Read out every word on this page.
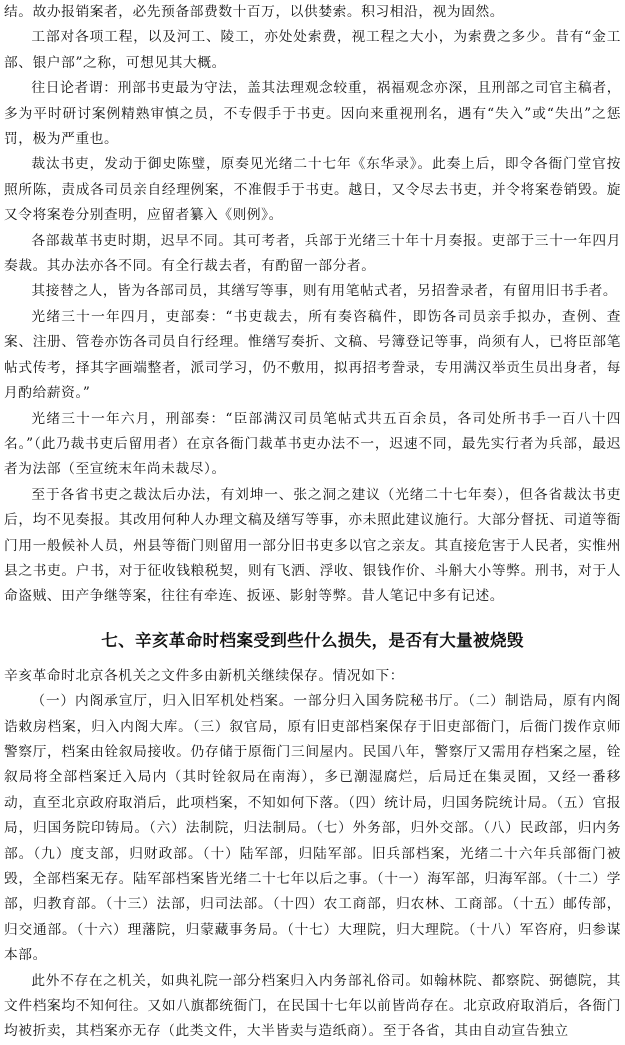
结。故办报销案者，必先预备部费数十百万，以供婪索。积习相沿，视为固然。

工部对各项工程，以及河工、陵工，亦处处索费，视工程之大小，为索费之多少。昔有“金工部、银户部”之称，可想见其大概。

往日论者谓：刑部书吏最为守法，盖其法理观念较重，祸福观念亦深，且刑部之司官主稿者，多为平时研讨案例精熟审慎之员，不专假手于书吏。因向来重视刑名，遇有“失入”或“失出”之惩罚，极为严重也。

裁汰书吏，发动于御史陈璧，原奏见光绪二十七年《东华录》。此奏上后，即令各衙门堂官按照所陈，责成各司员亲自经理例案，不准假手于书吏。越日，又令尽去书吏，并令将案卷销毁。旋又令将案卷分别查明，应留者纂入《则例》。

各部裁革书吏时期，迟早不同。其可考者，兵部于光绪三十年十月奏报。吏部于三十一年四月奏裁。其办法亦各不同。有全行裁去者，有酌留一部分者。

其接替之人，皆为各部司员，其缮写等事，则有用笔帖式者，另招誊录者，有留用旧书手者。

光绪三十一年四月，吏部奏：“书吏裁去，所有奏咨稿件，即饬各司员亲手拟办，查例、查案、注册、管卷亦饬各司员自行经理。惟缮写奏折、文稿、号簿登记等事，尚须有人，已将臣部笔帖式传考，择其字画端整者，派司学习，仍不敷用，拟再招考誊录，专用满汉举贡生员出身者，每月酌给薪资。”

光绪三十一年六月，刑部奏：“臣部满汉司员笔帖式共五百余员，各司处所书手一百八十四名。”（此乃裁书吏后留用者）在京各衙门裁革书吏办法不一，迟速不同，最先实行者为兵部，最迟者为法部（至宣统末年尚未裁尽）。

至于各省书吏之裁汰后办法，有刘坤一、张之洞之建议（光绪二十七年奏），但各省裁汰书吏后，均不见奏报。其改用何种人办理文稿及缮写等事，亦未照此建议施行。大部分督抚、司道等衙门用一般候补人员，州县等衙门则留用一部分旧书吏多以官之亲友。其直接危害于人民者，实惟州县之书吏。户书，对于征收钱粮税契，则有飞洒、浮收、银钱作价、斗斛大小等弊。刑书，对于人命盗贼、田产争继等案，往往有牵连、扳诬、影射等弊。昔人笔记中多有记述。

七、辛亥革命时档案受到些什么损失，是否有大量被烧毁

辛亥革命时北京各机关之文件多由新机关继续保存。情况如下：

（一）内阁承宣厅，归入旧军机处档案。一部分归入国务院秘书厅。（二）制诰局，原有内阁诰敕房档案，归入内阁大库。（三）叙官局，原有旧吏部档案保存于旧吏部衙门，后衙门拨作京师警察厅，档案由铨叙局接收。仍存储于原衙门三间屋内。民国八年，警察厅又需用存档案之屋，铨叙局将全部档案迁入局内（其时铨叙局在南海），多已潮湿腐烂，后局迁在集灵囿，又经一番移动，直至北京政府取消后，此项档案，不知如何下落。（四）统计局，归国务院统计局。（五）官报局，归国务院印铸局。（六）法制院，归法制局。（七）外务部，归外交部。（八）民政部，归内务部。（九）度支部，归财政部。（十）陆军部，归陆军部。旧兵部档案，光绪二十六年兵部衙门被毁，全部档案无存。陆军部档案皆光绪二十七年以后之事。（十一）海军部，归海军部。（十二）学部，归教育部。（十三）法部，归司法部。（十四）农工商部，归农林、工商部。（十五）邮传部，归交通部。（十六）理藩院，归蒙藏事务局。（十七）大理院，归大理院。（十八）军咨府，归参谋本部。

此外不存在之机关，如典礼院一部分档案归入内务部礼俗司。如翰林院、都察院、弼德院，其文件档案均不知何往。又如八旗都统衙门，在民国十七年以前皆尚存在。北京政府取消后，各衙门均被折卖，其档案亦无存（此类文件，大半皆卖与造纸商）。至于各省，其由自动宣告独立
